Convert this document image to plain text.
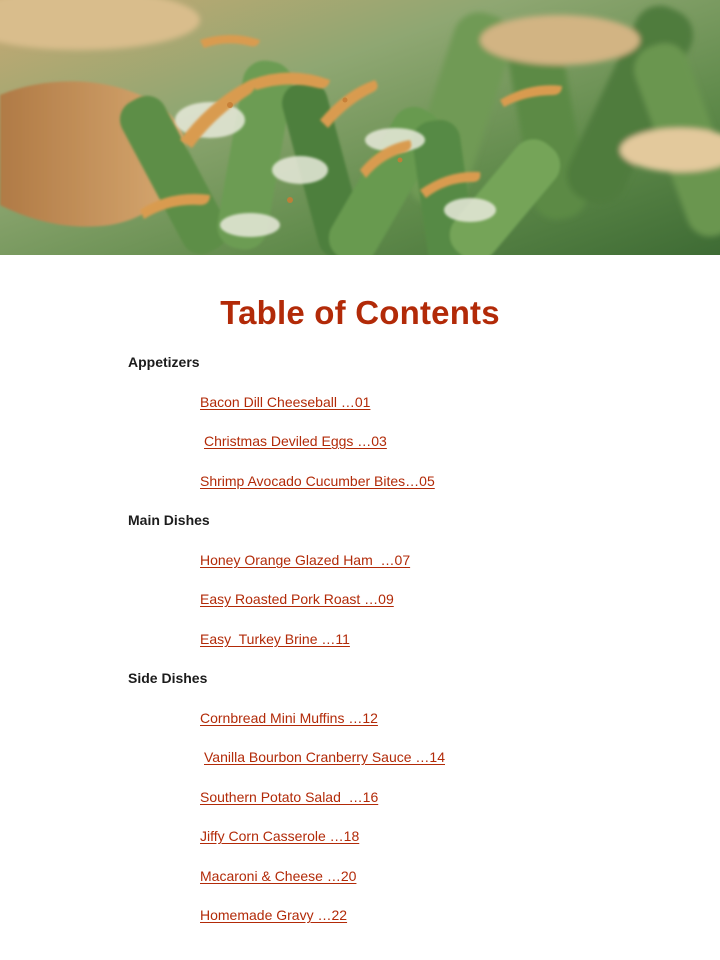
Table of Contents
Appetizers
Bacon Dill Cheeseball …01
Christmas Deviled Eggs …03
Shrimp Avocado Cucumber Bites…05
Main Dishes
Honey Orange Glazed Ham  …07
Easy Roasted Pork Roast …09
Easy  Turkey Brine …11
Side Dishes
Cornbread Mini Muffins …12
Vanilla Bourbon Cranberry Sauce …14
Southern Potato Salad  …16
Jiffy Corn Casserole …18
Macaroni & Cheese …20
Homemade Gravy …22
